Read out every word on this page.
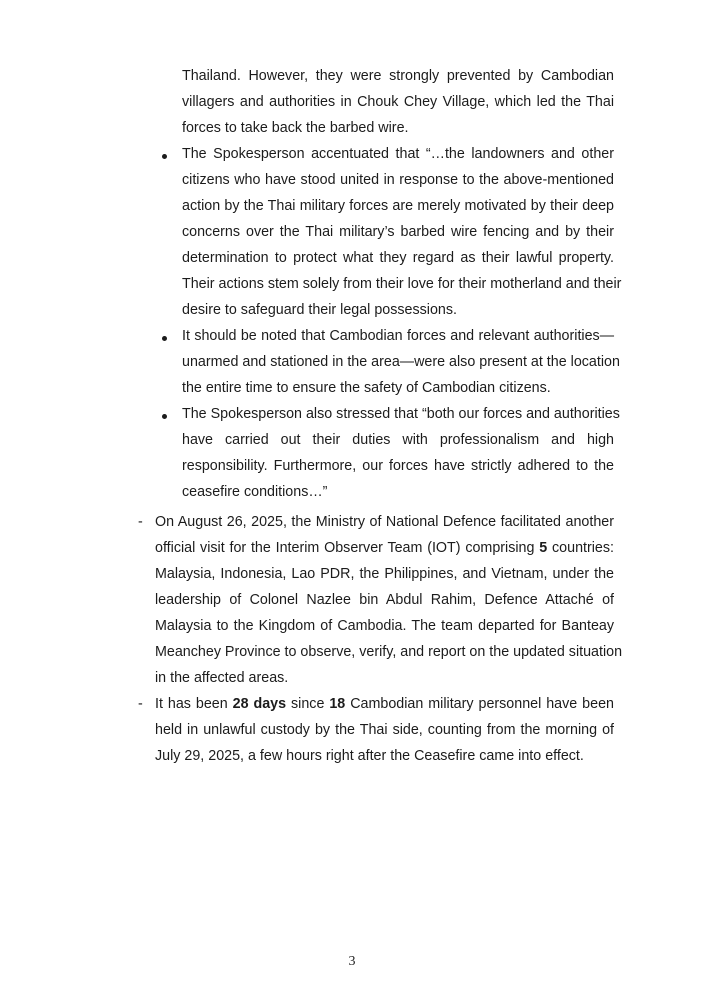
Thailand. However, they were strongly prevented by Cambodian
villagers and authorities in Chouk Chey Village, which led the Thai
forces to take back the barbed wire.
The Spokesperson accentuated that “…the landowners and other
citizens who have stood united in response to the above-mentioned
action by the Thai military forces are merely motivated by their deep
concerns over the Thai military’s barbed wire fencing and by their
determination to protect what they regard as their lawful property.
Their actions stem solely from their love for their motherland and their
desire to safeguard their legal possessions.
It should be noted that Cambodian forces and relevant authorities—
unarmed and stationed in the area—were also present at the location
the entire time to ensure the safety of Cambodian citizens.
The Spokesperson also stressed that “both our forces and authorities
have carried out their duties with professionalism and high
responsibility. Furthermore, our forces have strictly adhered to the
ceasefire conditions…”
- On August 26, 2025, the Ministry of National Defence facilitated another
official visit for the Interim Observer Team (IOT) comprising 5 countries:
Malaysia, Indonesia, Lao PDR, the Philippines, and Vietnam, under the
leadership of Colonel Nazlee bin Abdul Rahim, Defence Attaché of
Malaysia to the Kingdom of Cambodia. The team departed for Banteay
Meanchey Province to observe, verify, and report on the updated situation
in the affected areas.
- It has been 28 days since 18 Cambodian military personnel have been
held in unlawful custody by the Thai side, counting from the morning of
July 29, 2025, a few hours right after the Ceasefire came into effect.
3
